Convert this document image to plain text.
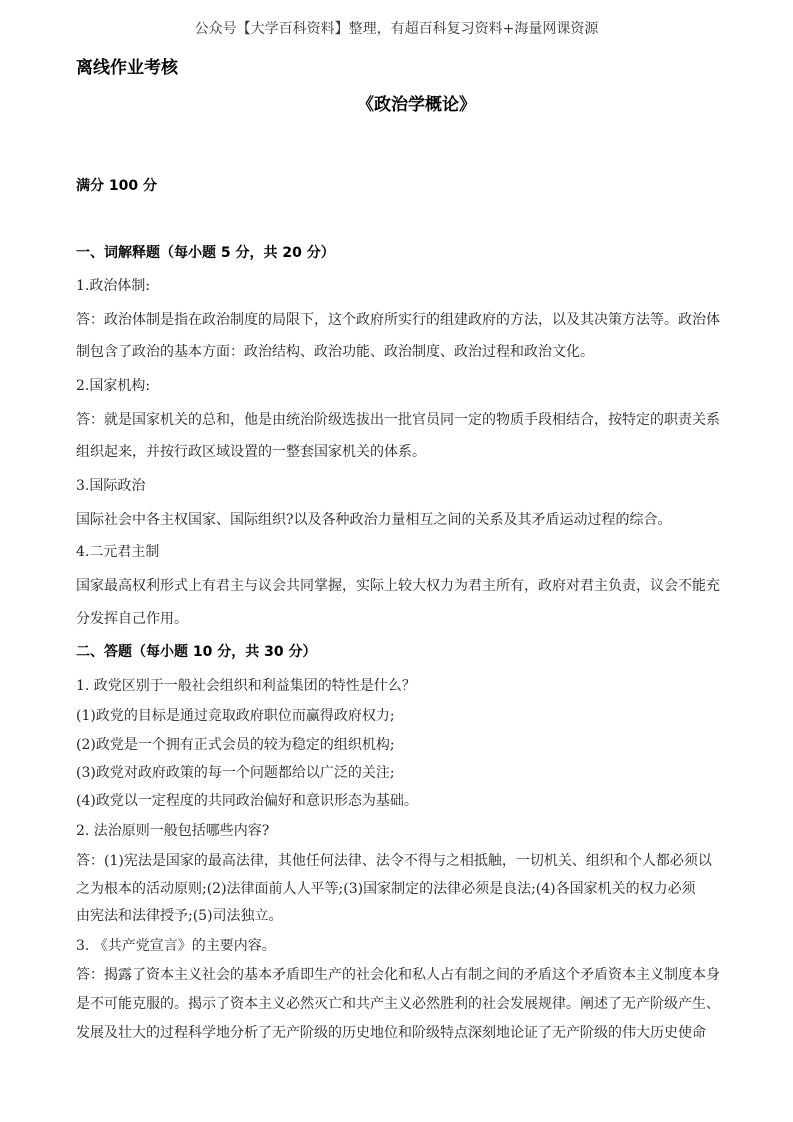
公众号【大学百科资料】整理，有超百科复习资料+海量网课资源
离线作业考核
《政治学概论》
满分 100 分
一、词解释题（每小题 5 分，共 20 分）
1.政治体制:
答：政治体制是指在政治制度的局限下，这个政府所实行的组建政府的方法，以及其决策方法等。政治体
制包含了政治的基本方面：政治结构、政治功能、政治制度、政治过程和政治文化。
2.国家机构:
答：就是国家机关的总和，他是由统治阶级选拔出一批官员同一定的物质手段相结合，按特定的职责关系
组织起来，并按行政区域设置的一整套国家机关的体系。
3.国际政治
国际社会中各主权国家、国际组织?以及各种政治力量相互之间的关系及其矛盾运动过程的综合。
4.二元君主制
国家最高权利形式上有君主与议会共同掌握，实际上较大权力为君主所有，政府对君主负责，议会不能充
分发挥自己作用。
二、答题（每小题 10 分，共 30 分）
1. 政党区别于一般社会组织和利益集团的特性是什么？
(1)政党的目标是通过竞取政府职位而赢得政府权力;
(2)政党是一个拥有正式会员的较为稳定的组织机构;
(3)政党对政府政策的每一个问题都给以广泛的关注;
(4)政党以一定程度的共同政治偏好和意识形态为基础。
2. 法治原则一般包括哪些内容?
答：(1)宪法是国家的最高法律，其他任何法律、法令不得与之相抵触，一切机关、组织和个人都必须以
之为根本的活动原则;(2)法律面前人人平等;(3)国家制定的法律必须是良法;(4)各国家机关的权力必须
由宪法和法律授予;(5)司法独立。
3. 《共产党宣言》的主要内容。
答：揭露了资本主义社会的基本矛盾即生产的社会化和私人占有制之间的矛盾这个矛盾资本主义制度本身
是不可能克服的。揭示了资本主义必然灭亡和共产主义必然胜利的社会发展规律。阐述了无产阶级产生、
发展及壮大的过程科学地分析了无产阶级的历史地位和阶级特点深刻地论证了无产阶级的伟大历史使命
